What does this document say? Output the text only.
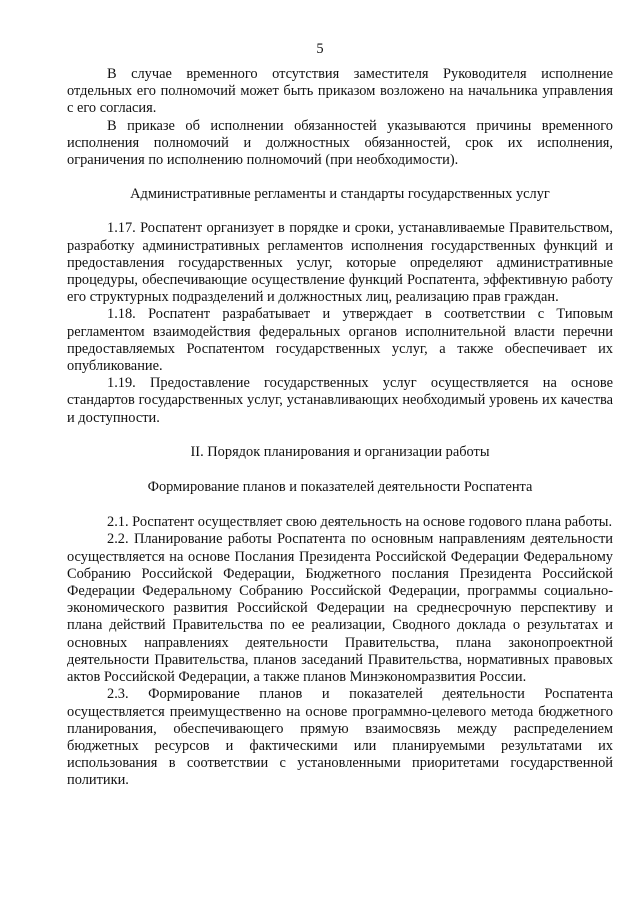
5

В случае временного отсутствия заместителя Руководителя исполнение отдельных его полномочий может быть приказом возложено на начальника управления с его согласия.

В приказе об исполнении обязанностей указываются причины временного исполнения полномочий и должностных обязанностей, срок их исполнения, ограничения по исполнению полномочий (при необходимости).

Административные регламенты и стандарты государственных услуг

1.17. Роспатент организует в порядке и сроки, устанавливаемые Правительством, разработку административных регламентов исполнения государственных функций и предоставления государственных услуг, которые определяют административные процедуры, обеспечивающие осуществление функций Роспатента, эффективную работу его структурных подразделений и должностных лиц, реализацию прав граждан.

1.18. Роспатент разрабатывает и утверждает в соответствии с Типовым регламентом взаимодействия федеральных органов исполнительной власти перечни предоставляемых Роспатентом государственных услуг, а также обеспечивает их опубликование.

1.19. Предоставление государственных услуг осуществляется на основе стандартов государственных услуг, устанавливающих необходимый уровень их качества и доступности.

II. Порядок планирования и организации работы

Формирование планов и показателей деятельности Роспатента

2.1. Роспатент осуществляет свою деятельность на основе годового плана работы.

2.2. Планирование работы Роспатента по основным направлениям деятельности осуществляется на основе Послания Президента Российской Федерации Федеральному Собранию Российской Федерации, Бюджетного послания Президента Российской Федерации Федеральному Собранию Российской Федерации, программы социально-экономического развития Российской Федерации на среднесрочную перспективу и плана действий Правительства по ее реализации, Сводного доклада о результатах и основных направлениях деятельности Правительства, плана законопроектной деятельности Правительства, планов заседаний Правительства, нормативных правовых актов Российской Федерации, а также планов Минэкономразвития России.

2.3. Формирование планов и показателей деятельности Роспатента осуществляется преимущественно на основе программно-целевого метода бюджетного планирования, обеспечивающего прямую взаимосвязь между распределением бюджетных ресурсов и фактическими или планируемыми результатами их использования в соответствии с установленными приоритетами государственной политики.
